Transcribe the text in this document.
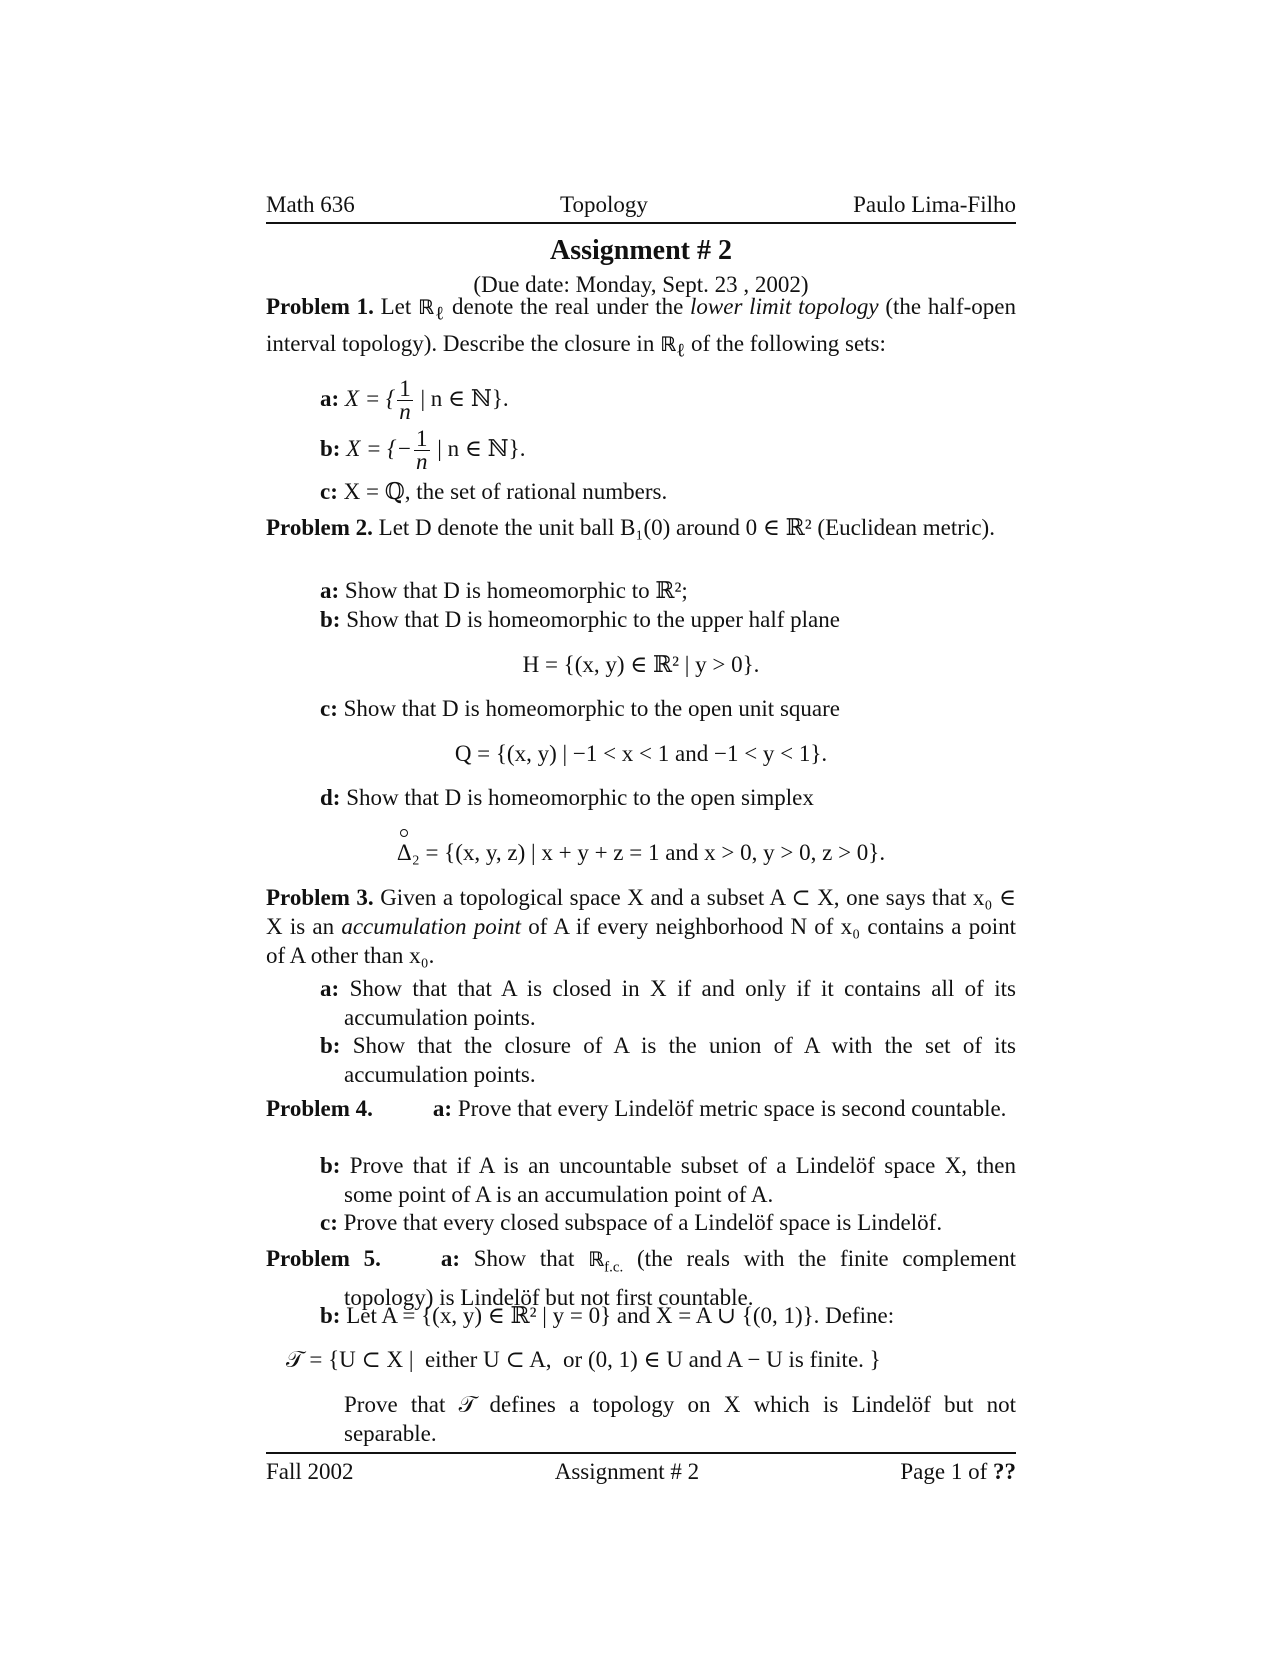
Math 636	Topology	Paulo Lima-Filho
Assignment # 2
(Due date: Monday, Sept. 23 , 2002)
Problem 1. Let ℝ$_\ell$ denote the real under the lower limit topology (the half-open interval topology). Describe the closure in ℝ$_\ell$ of the following sets:
a: X = { $\frac{1}{n}$ | n ∈ ℕ}.
b: X = {− $\frac{1}{n}$ | n ∈ ℕ}.
c: X = ℚ, the set of rational numbers.
Problem 2. Let D denote the unit ball B₁(0) around 0 ∈ ℝ² (Euclidean metric).
a: Show that D is homeomorphic to ℝ²;
b: Show that D is homeomorphic to the upper half plane
H = {(x, y) ∈ ℝ² | y > 0}.
c: Show that D is homeomorphic to the open unit square
Q = {(x, y) | −1 < x < 1 and −1 < y < 1}.
d: Show that D is homeomorphic to the open simplex
Δ₂ = {(x, y, z) | x + y + z = 1 and x > 0, y > 0, z > 0}.
Problem 3. Given a topological space X and a subset A ⊂ X, one says that x₀ ∈ X is an accumulation point of A if every neighborhood N of x₀ contains a point of A other than x₀.
a: Show that that A is closed in X if and only if it contains all of its accumulation points.
b: Show that the closure of A is the union of A with the set of its accumulation points.
Problem 4.	a: Prove that every Lindelöf metric space is second countable.
b: Prove that if A is an uncountable subset of a Lindelöf space X, then some point of A is an accumulation point of A.
c: Prove that every closed subspace of a Lindelöf space is Lindelöf.
Problem 5.	a: Show that ℝ$_{f.c.}$ (the reals with the finite complement topology) is Lindelöf but not first countable.
b: Let A = {(x, y) ∈ ℝ² | y = 0} and X = A ∪ {(0, 1)}. Define:
𝒯 = {U ⊂ X |  either U ⊂ A,  or (0, 1) ∈ U and A − U is finite. }
Prove that 𝒯 defines a topology on X which is Lindelöf but not separable.
Fall 2002	Assignment # 2	Page 1 of ??
